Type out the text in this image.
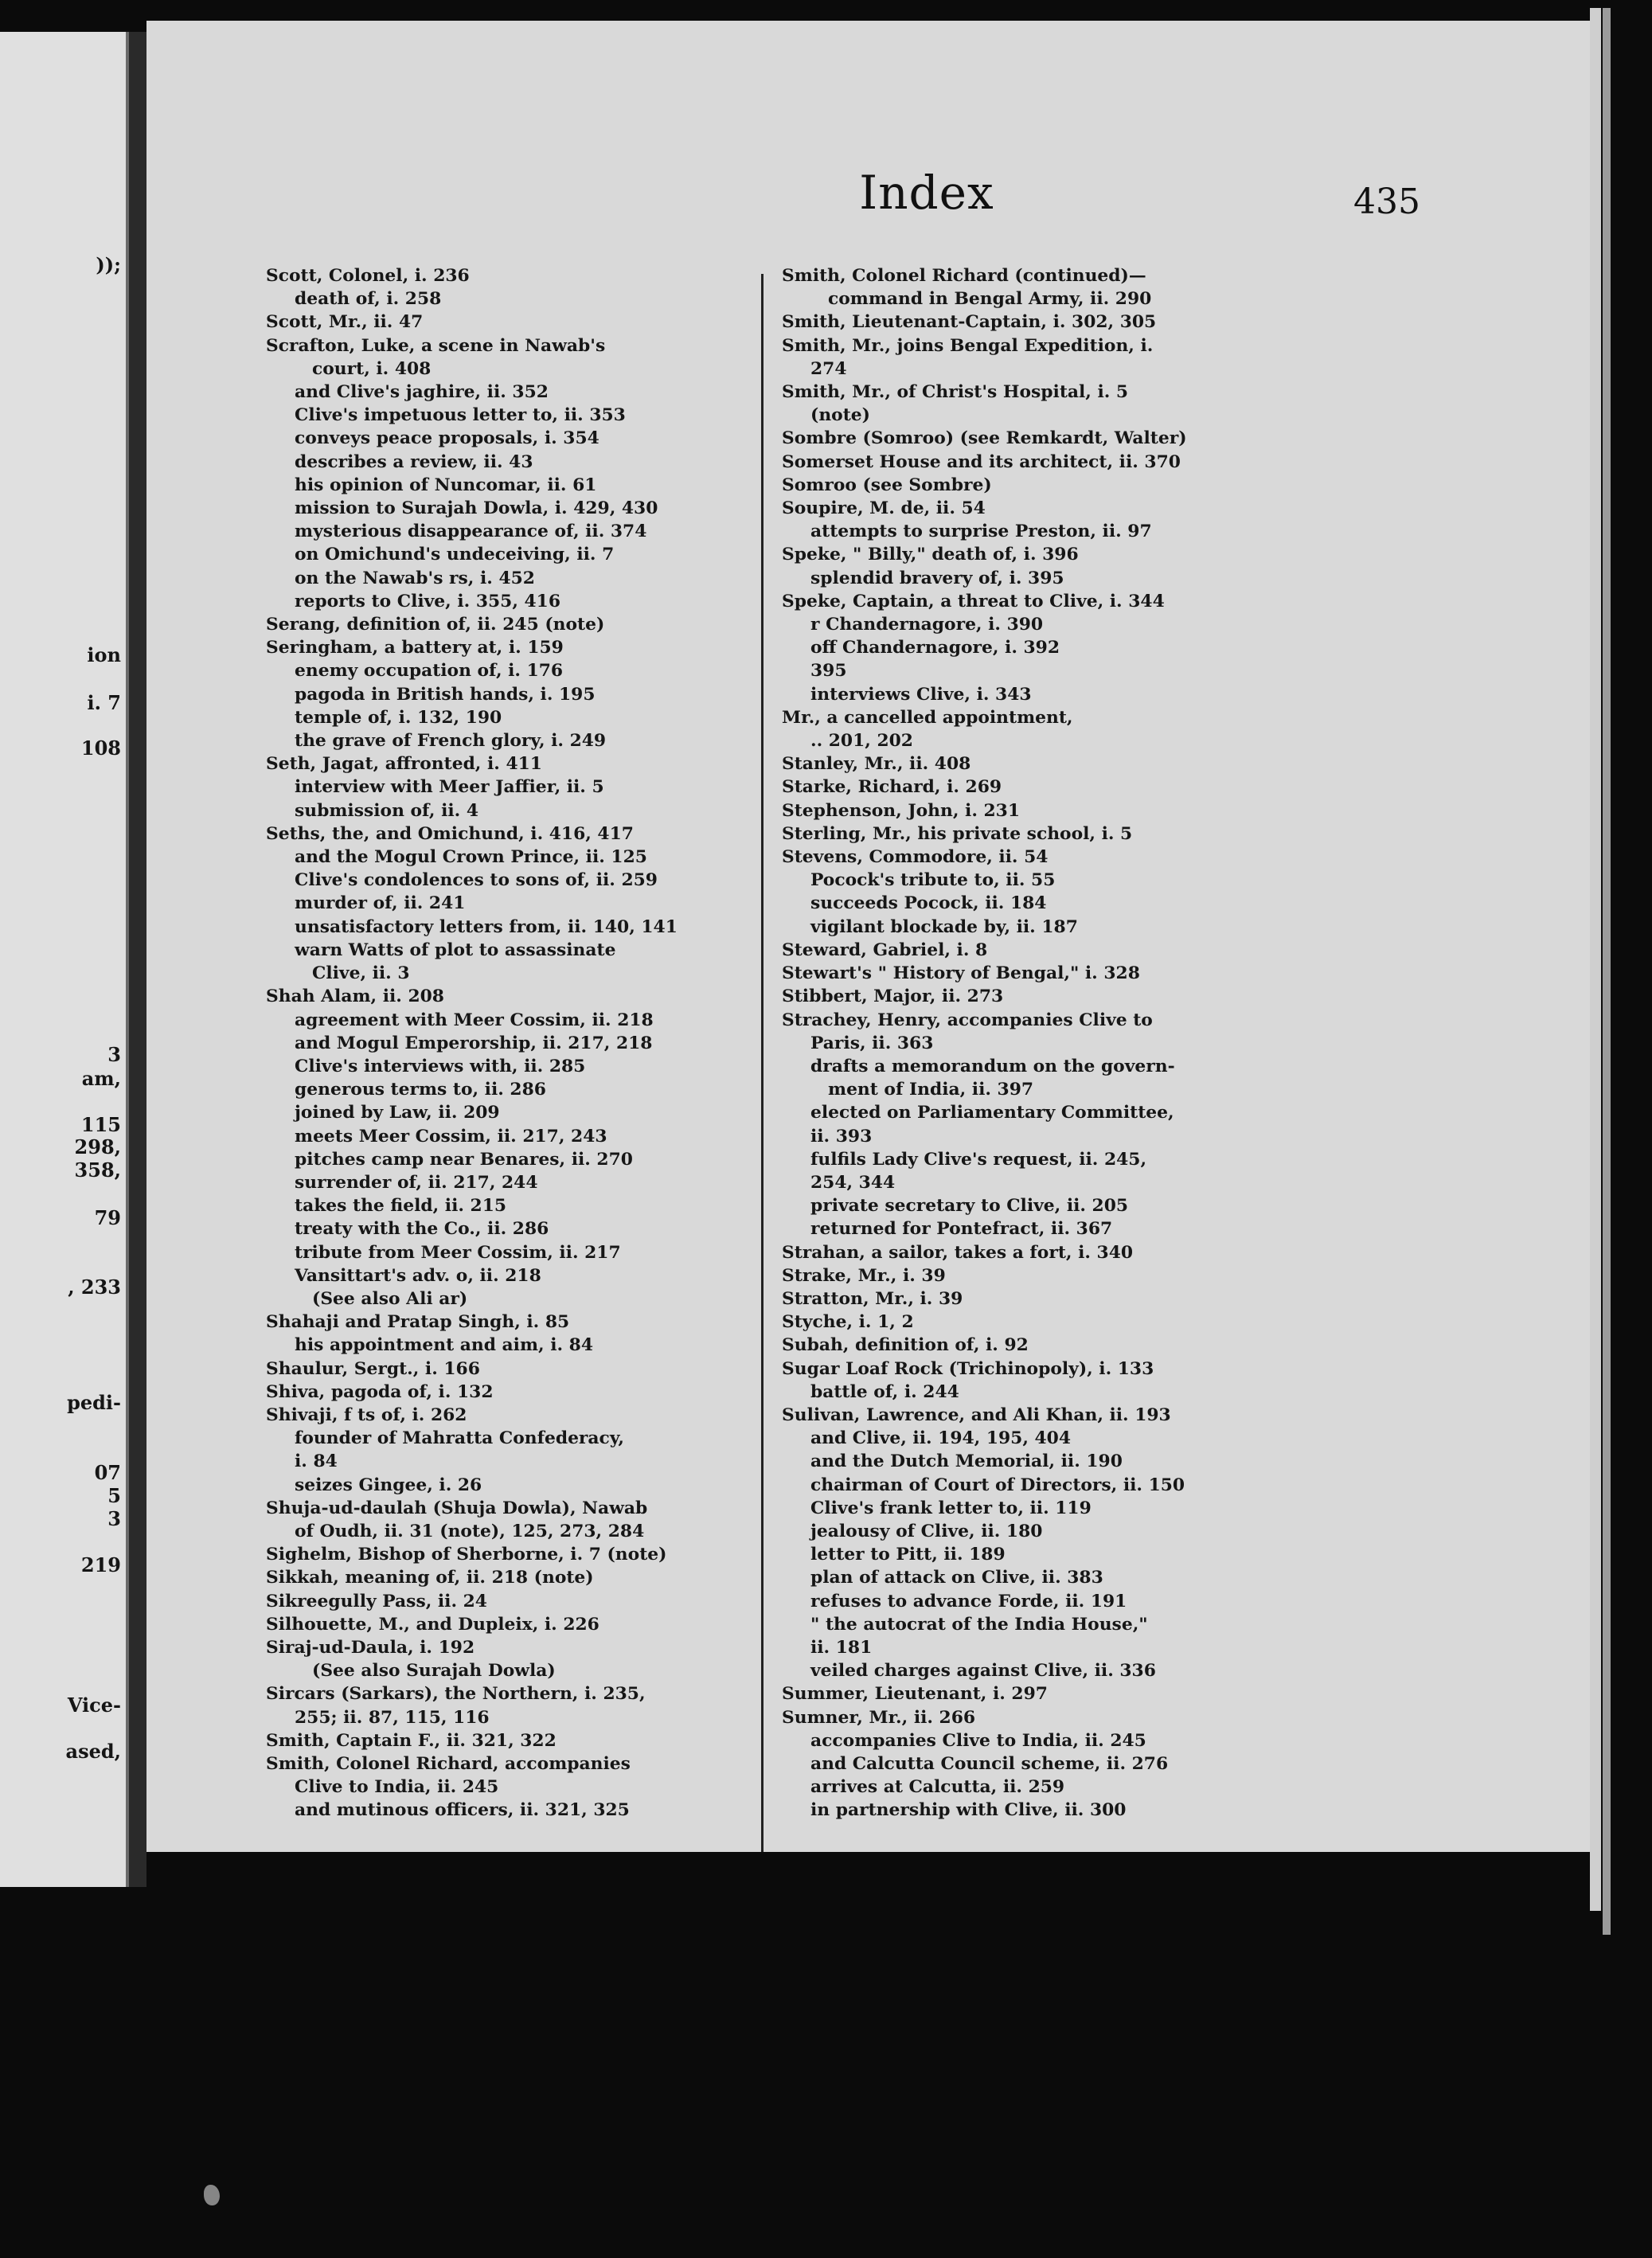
));
ion
i. 7
108
3
am,
115
298,
358,
79
, 233
pedi-
07
5
3
219
Vice-
ased,
Index	435
Scott, Colonel, i. 236
death of, i. 258
Scott, Mr., ii. 47
Scrafton, Luke, a scene in Nawab's
court, i. 408
and Clive's jaghire, ii. 352
Clive's impetuous letter to, ii. 353
conveys peace proposals, i. 354
describes a review, ii. 43
his opinion of Nuncomar, ii. 61
mission to Surajah Dowla, i. 429, 430
mysterious disappearance of, ii. 374
on Omichund's undeceiving, ii. 7
on the Nawab's rs, i. 452
reports to Clive, i. 355, 416
Serang, definition of, ii. 245 (note)
Seringham, a battery at, i. 159
enemy occupation of, i. 176
pagoda in British hands, i. 195
temple of, i. 132, 190
the grave of French glory, i. 249
Seth, Jagat, affronted, i. 411
interview with Meer Jaffier, ii. 5
submission of, ii. 4
Seths, the, and Omichund, i. 416, 417
and the Mogul Crown Prince, ii. 125
Clive's condolences to sons of, ii. 259
murder of, ii. 241
unsatisfactory letters from, ii. 140, 141
warn Watts of plot to assassinate
Clive, ii. 3
Shah Alam, ii. 208
agreement with Meer Cossim, ii. 218
and Mogul Emperorship, ii. 217, 218
Clive's interviews with, ii. 285
generous terms to, ii. 286
joined by Law, ii. 209
meets Meer Cossim, ii. 217, 243
pitches camp near Benares, ii. 270
surrender of, ii. 217, 244
takes the field, ii. 215
treaty with the Co., ii. 286
tribute from Meer Cossim, ii. 217
Vansittart's adv. o, ii. 218
(See also Ali ar)
Shahaji and Pratap Singh, i. 85
his appointment and aim, i. 84
Shaulur, Sergt., i. 166
Shiva, pagoda of, i. 132
Shivaji, f ts of, i. 262
founder of Mahratta Confederacy,
i. 84
seizes Gingee, i. 26
Shuja-ud-daulah (Shuja Dowla), Nawab
of Oudh, ii. 31 (note), 125, 273, 284
Sighelm, Bishop of Sherborne, i. 7 (note)
Sikkah, meaning of, ii. 218 (note)
Sikreegully Pass, ii. 24
Silhouette, M., and Dupleix, i. 226
Siraj-ud-Daula, i. 192
(See also Surajah Dowla)
Sircars (Sarkars), the Northern, i. 235,
255; ii. 87, 115, 116
Smith, Captain F., ii. 321, 322
Smith, Colonel Richard, accompanies
Clive to India, ii. 245
and mutinous officers, ii. 321, 325
Smith, Colonel Richard (continued)—
command in Bengal Army, ii. 290
Smith, Lieutenant-Captain, i. 302, 305
Smith, Mr., joins Bengal Expedition, i.
274
Smith, Mr., of Christ's Hospital, i. 5
(note)
Sombre (Somroo) (see Remkardt, Walter)
Somerset House and its architect, ii. 370
Somroo (see Sombre)
Soupire, M. de, ii. 54
attempts to surprise Preston, ii. 97
Speke, " Billy," death of, i. 396
splendid bravery of, i. 395
Speke, Captain, a threat to Clive, i. 344
r Chandernagore, i. 390
off Chandernagore, i. 392
395
interviews Clive, i. 343
Mr., a cancelled appointment,
.. 201, 202
Stanley, Mr., ii. 408
Starke, Richard, i. 269
Stephenson, John, i. 231
Sterling, Mr., his private school, i. 5
Stevens, Commodore, ii. 54
Pocock's tribute to, ii. 55
succeeds Pocock, ii. 184
vigilant blockade by, ii. 187
Steward, Gabriel, i. 8
Stewart's " History of Bengal," i. 328
Stibbert, Major, ii. 273
Strachey, Henry, accompanies Clive to
Paris, ii. 363
drafts a memorandum on the govern-
ment of India, ii. 397
elected on Parliamentary Committee,
ii. 393
fulfils Lady Clive's request, ii. 245,
254, 344
private secretary to Clive, ii. 205
returned for Pontefract, ii. 367
Strahan, a sailor, takes a fort, i. 340
Strake, Mr., i. 39
Stratton, Mr., i. 39
Styche, i. 1, 2
Subah, definition of, i. 92
Sugar Loaf Rock (Trichinopoly), i. 133
battle of, i. 244
Sulivan, Lawrence, and Ali Khan, ii. 193
and Clive, ii. 194, 195, 404
and the Dutch Memorial, ii. 190
chairman of Court of Directors, ii. 150
Clive's frank letter to, ii. 119
jealousy of Clive, ii. 180
letter to Pitt, ii. 189
plan of attack on Clive, ii. 383
refuses to advance Forde, ii. 191
" the autocrat of the India House,"
ii. 181
veiled charges against Clive, ii. 336
Summer, Lieutenant, i. 297
Sumner, Mr., ii. 266
accompanies Clive to India, ii. 245
and Calcutta Council scheme, ii. 276
arrives at Calcutta, ii. 259
in partnership with Clive, ii. 300
